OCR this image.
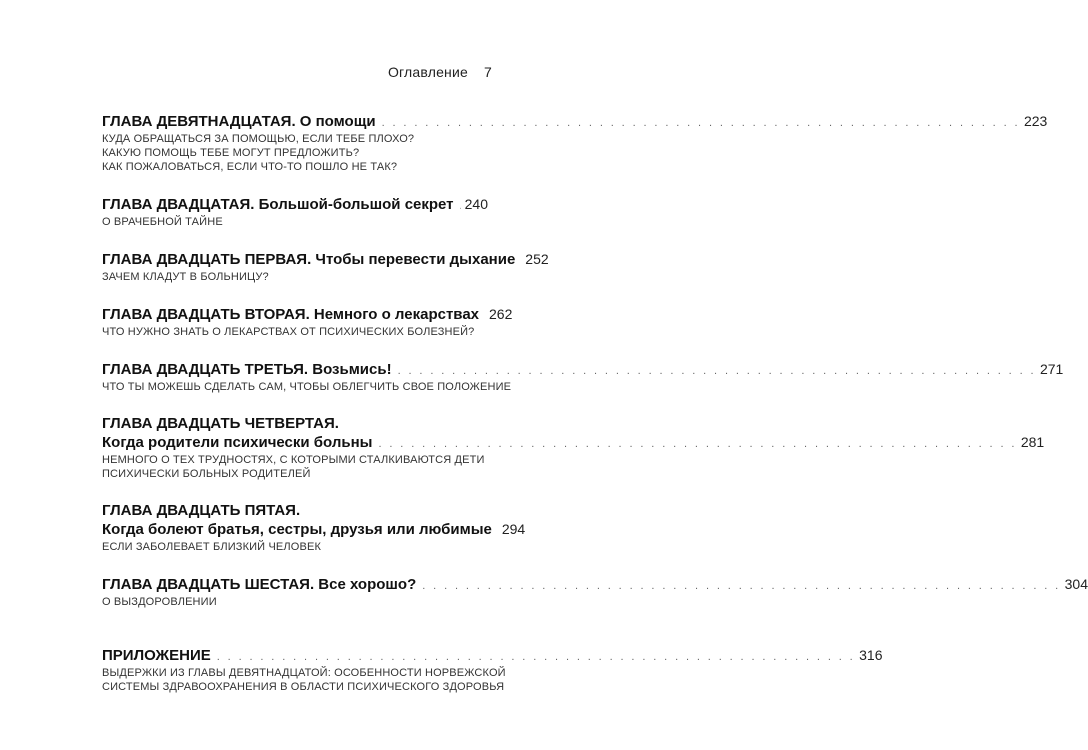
Оглавление 7
ГЛАВА ДЕВЯТНАДЦАТАЯ. О помощи . . . . . . . . . . . . . . . . . . . . . . . . . . . . . . . . . . . . . . . . . . . . . . . . . . . . . . . . . . . 223
КУДА ОБРАЩАТЬСЯ ЗА ПОМОЩЬЮ, ЕСЛИ ТЕБЕ ПЛОХО?
КАКУЮ ПОМОЩЬ ТЕБЕ МОГУТ ПРЕДЛОЖИТЬ?
КАК ПОЖАЛОВАТЬСЯ, ЕСЛИ ЧТО-ТО ПОШЛО НЕ ТАК?
ГЛАВА ДВАДЦАТАЯ. Большой-большой секрет 240
О ВРАЧЕБНОЙ ТАЙНЕ
ГЛАВА ДВАДЦАТЬ ПЕРВАЯ. Чтобы перевести дыхание 252
ЗАЧЕМ КЛАДУТ В БОЛЬНИЦУ?
ГЛАВА ДВАДЦАТЬ ВТОРАЯ. Немного о лекарствах 262
ЧТО НУЖНО ЗНАТЬ О ЛЕКАРСТВАХ ОТ ПСИХИЧЕСКИХ БОЛЕЗНЕЙ?
ГЛАВА ДВАДЦАТЬ ТРЕТЬЯ. Возьмись! . . . . . . . . . . . . . . . . . . . . . . . . . . . . . . . . . . . . . . . . . . . . . . . . . . . . . . . . . . . 271
ЧТО ТЫ МОЖЕШЬ СДЕЛАТЬ САМ, ЧТОБЫ ОБЛЕГЧИТЬ СВОЕ ПОЛОЖЕНИЕ
ГЛАВА ДВАДЦАТЬ ЧЕТВЕРТАЯ.
Когда родители психически больны . . . . . . . . . . . . . . . . . . . . . . . . . . . . . . . . . . . . . . . . . . . . . . . . . . . . . . . . . . . 281
НЕМНОГО О ТЕХ ТРУДНОСТЯХ, С КОТОРЫМИ СТАЛКИВАЮТСЯ ДЕТИ
ПСИХИЧЕСКИ БОЛЬНЫХ РОДИТЕЛЕЙ
ГЛАВА ДВАДЦАТЬ ПЯТАЯ.
Когда болеют братья, сестры, друзья или любимые 294
ЕСЛИ ЗАБОЛЕВАЕТ БЛИЗКИЙ ЧЕЛОВЕК
ГЛАВА ДВАДЦАТЬ ШЕСТАЯ. Все хорошо? . . . . . . . . . . . . . . . . . . . . . . . . . . . . . . . . . . . . . . . . . . . . . . . . . . . . . . . . . . . 304
О ВЫЗДОРОВЛЕНИИ
ПРИЛОЖЕНИЕ . . . . . . . . . . . . . . . . . . . . . . . . . . . . . . . . . . . . . . . . . . . . . . . . . . . . . . . . . . . 316
ВЫДЕРЖКИ ИЗ ГЛАВЫ ДЕВЯТНАДЦАТОЙ: ОСОБЕННОСТИ НОРВЕЖСКОЙ
СИСТЕМЫ ЗДРАВООХРАНЕНИЯ В ОБЛАСТИ ПСИХИЧЕСКОГО ЗДОРОВЬЯ
